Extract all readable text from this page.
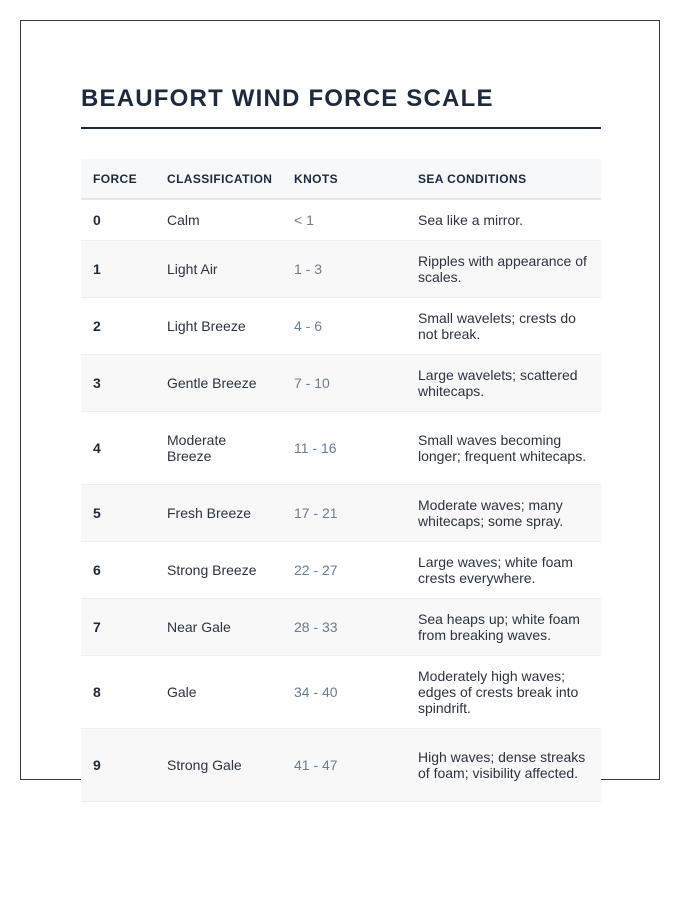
BEAUFORT WIND FORCE SCALE
FORCE	CLASSIFICATION	KNOTS	SEA CONDITIONS
0	Calm	< 1	Sea like a mirror.
1	Light Air	1 - 3	Ripples with appearance of scales.
2	Light Breeze	4 - 6	Small wavelets; crests do not break.
3	Gentle Breeze	7 - 10	Large wavelets; scattered whitecaps.
4	Moderate Breeze	11 - 16	Small waves becoming longer; frequent whitecaps.
5	Fresh Breeze	17 - 21	Moderate waves; many whitecaps; some spray.
6	Strong Breeze	22 - 27	Large waves; white foam crests everywhere.
7	Near Gale	28 - 33	Sea heaps up; white foam from breaking waves.
8	Gale	34 - 40	Moderately high waves; edges of crests break into spindrift.
9	Strong Gale	41 - 47	High waves; dense streaks of foam; visibility affected.
